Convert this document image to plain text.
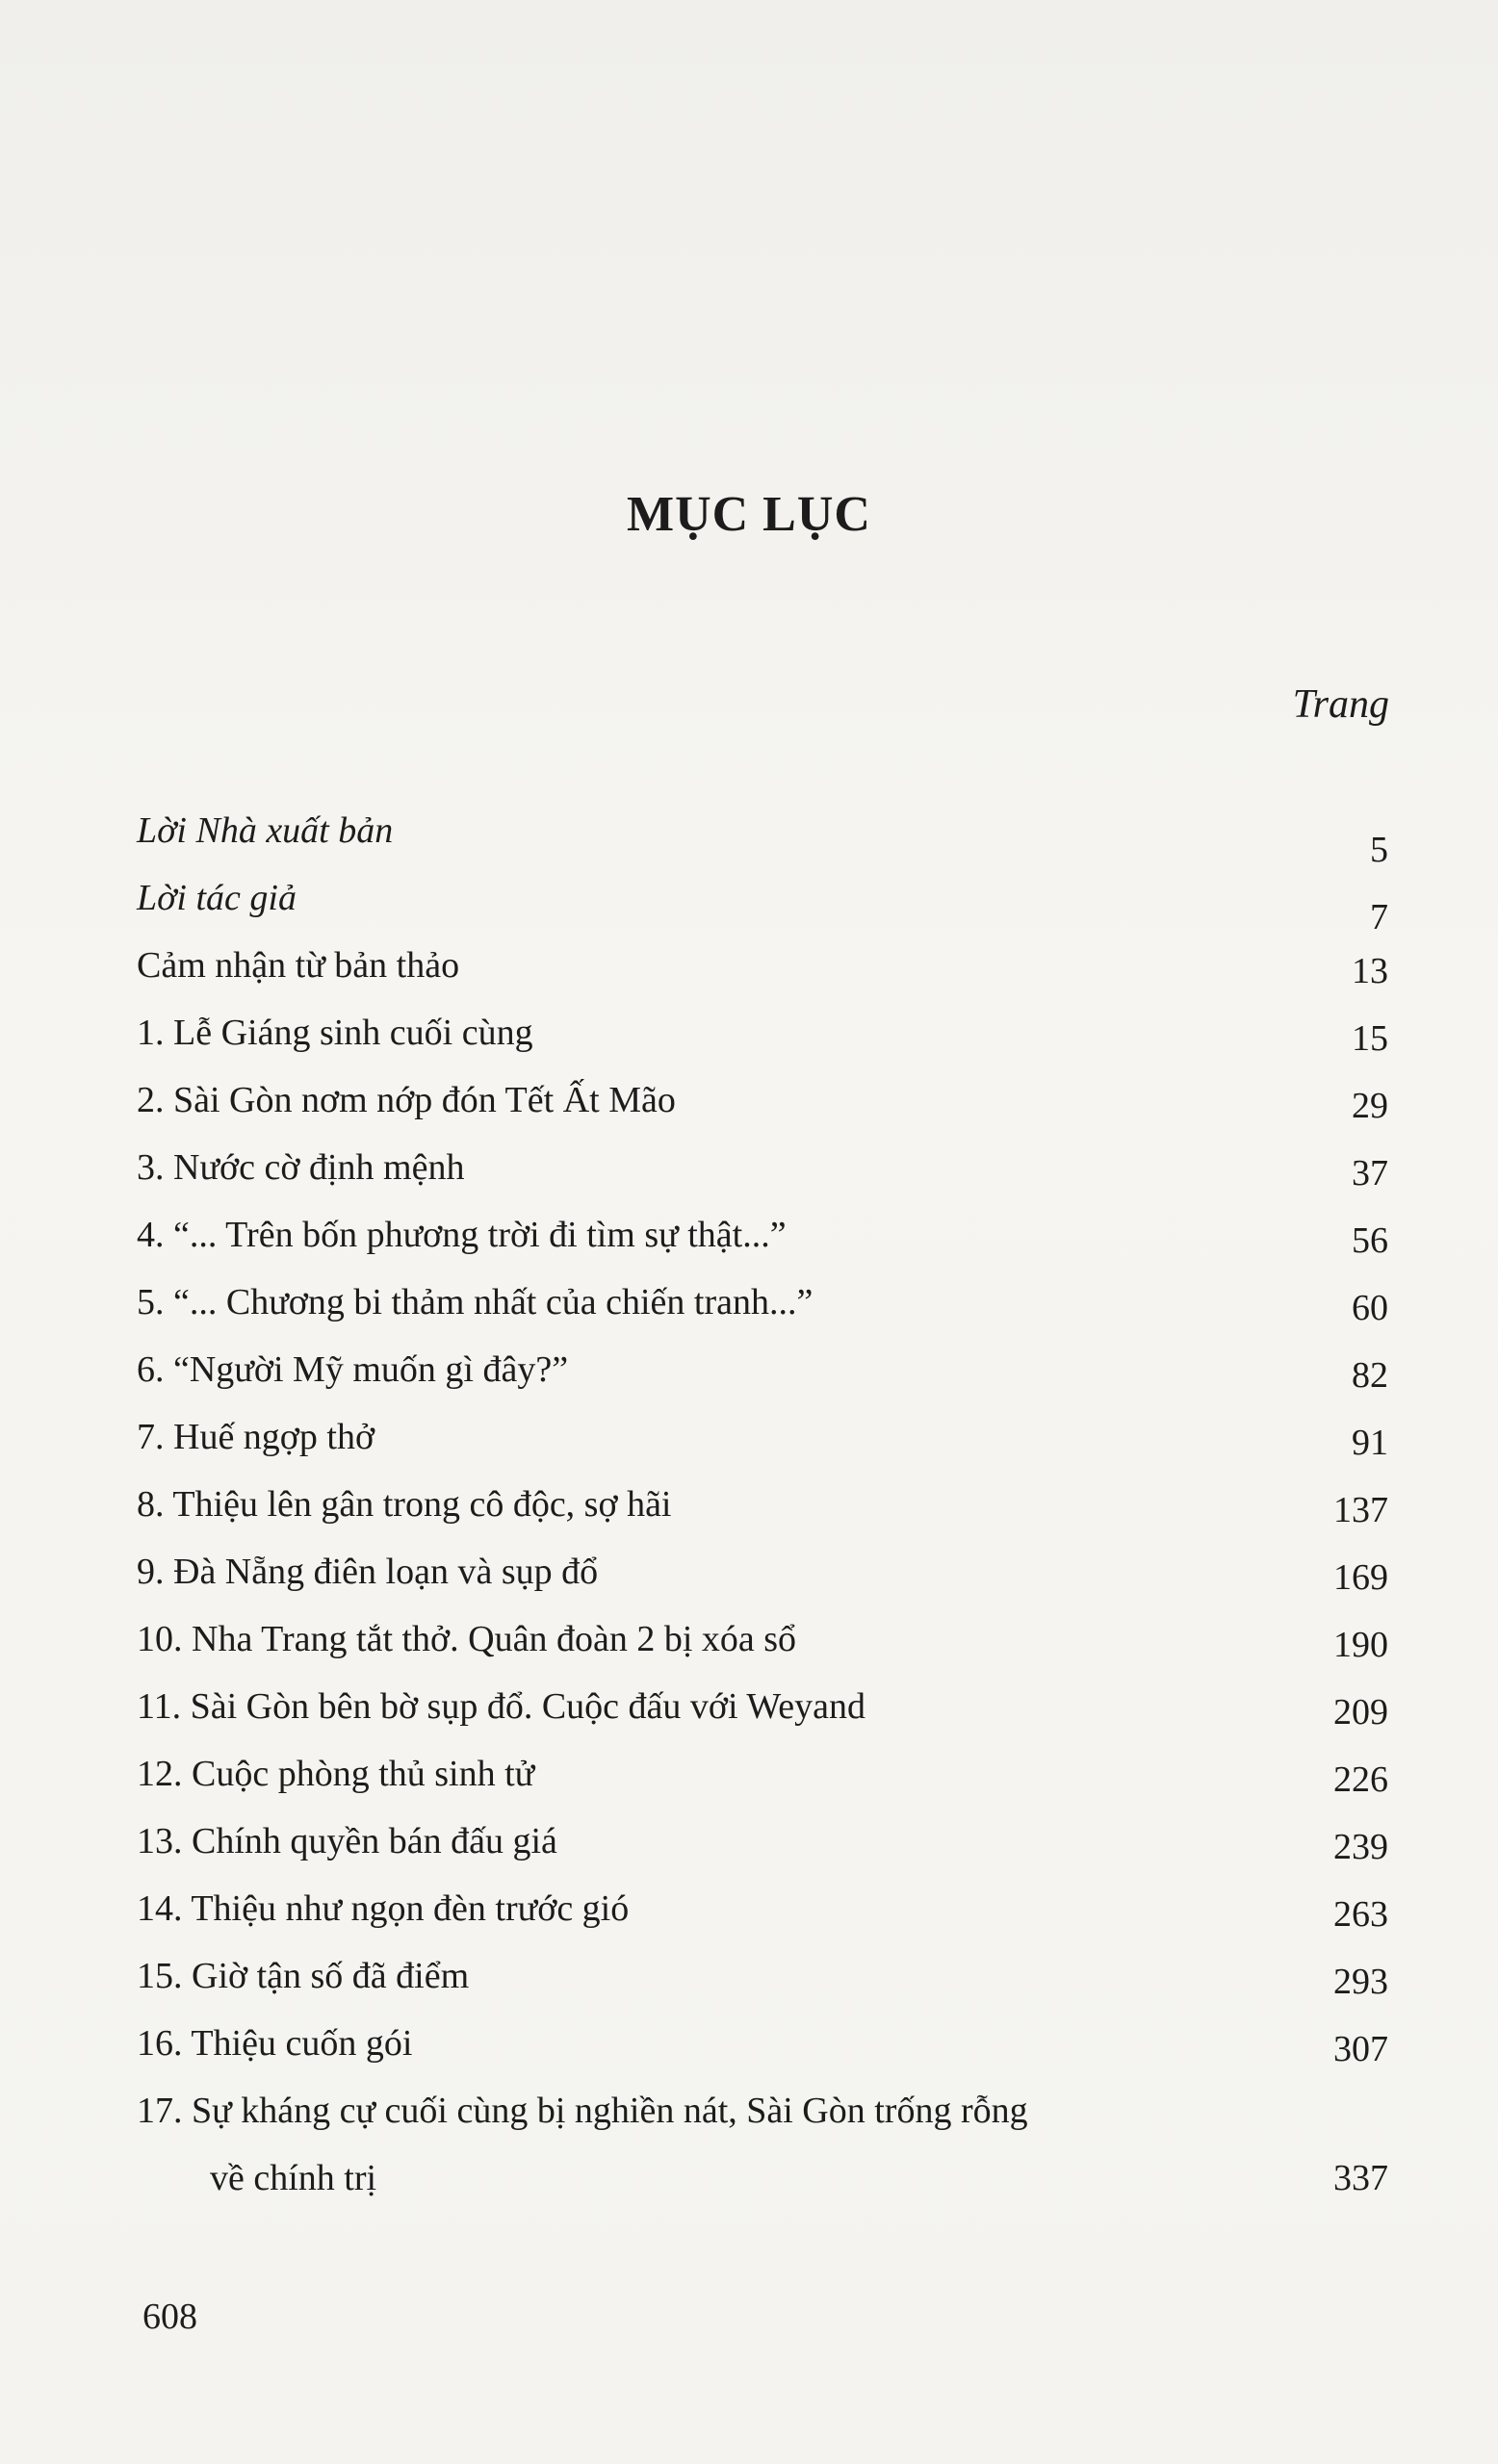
MỤC LỤC
Trang
Lời Nhà xuất bản	5
Lời tác giả	7
Cảm nhận từ bản thảo	13
1. Lễ Giáng sinh cuối cùng	15
2. Sài Gòn nơm nớp đón Tết Ất Mão	29
3. Nước cờ định mệnh	37
4. “... Trên bốn phương trời đi tìm sự thật...”	56
5. “... Chương bi thảm nhất của chiến tranh...”	60
6. “Người Mỹ muốn gì đây?”	82
7. Huế ngợp thở	91
8. Thiệu lên gân trong cô độc, sợ hãi	137
9. Đà Nẵng điên loạn và sụp đổ	169
10. Nha Trang tắt thở. Quân đoàn 2 bị xóa sổ	190
11. Sài Gòn bên bờ sụp đổ. Cuộc đấu với Weyand	209
12. Cuộc phòng thủ sinh tử	226
13. Chính quyền bán đấu giá	239
14. Thiệu như ngọn đèn trước gió	263
15. Giờ tận số đã điểm	293
16. Thiệu cuốn gói	307
17. Sự kháng cự cuối cùng bị nghiền nát, Sài Gòn trống rỗng
về chính trị	337
608
